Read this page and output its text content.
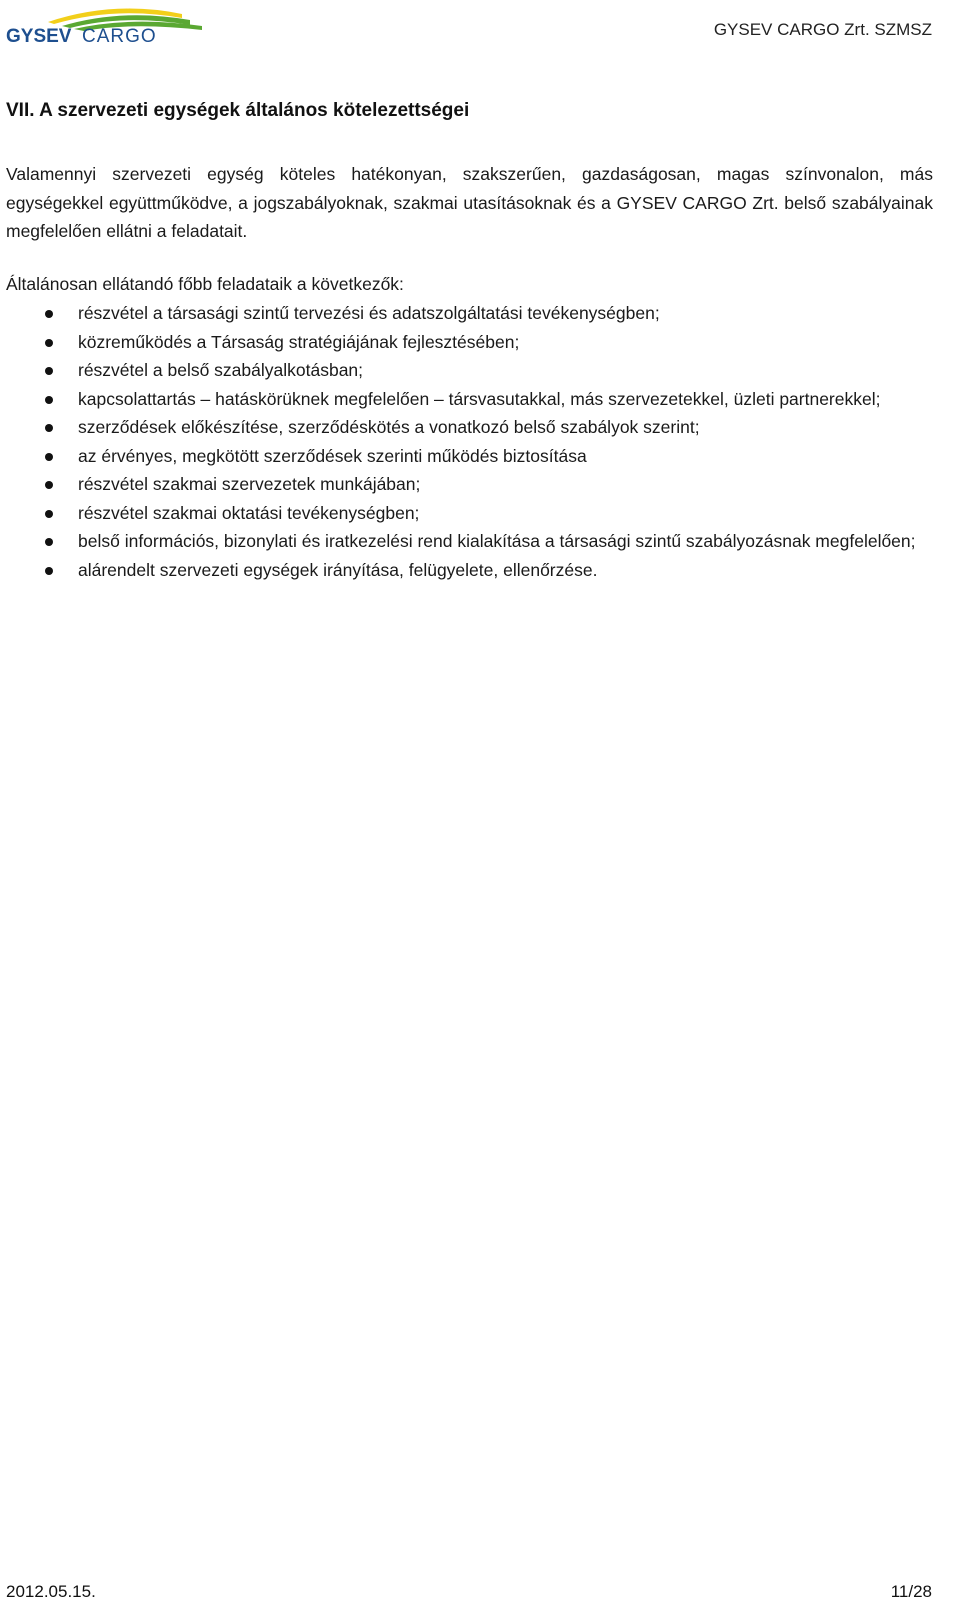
GYSEV CARGO	GYSEV CARGO Zrt. SZMSZ
VII. A szervezeti egységek általános kötelezettségei
Valamennyi szervezeti egység köteles hatékonyan, szakszerűen, gazdaságosan, magas színvonalon, más egységekkel együttműködve, a jogszabályoknak, szakmai utasításoknak és a GYSEV CARGO Zrt. belső szabályainak megfelelően ellátni a feladatait.
Általánosan ellátandó főbb feladataik a következők:
részvétel a társasági szintű tervezési és adatszolgáltatási tevékenységben;
közreműködés a Társaság stratégiájának fejlesztésében;
részvétel a belső szabályalkotásban;
kapcsolattartás – hatáskörüknek megfelelően – társvasutakkal, más szervezetekkel, üzleti partnerekkel;
szerződések előkészítése, szerződéskötés a vonatkozó belső szabályok szerint;
az érvényes, megkötött szerződések szerinti működés biztosítása
részvétel szakmai szervezetek munkájában;
részvétel szakmai oktatási tevékenységben;
belső információs, bizonylati és iratkezelési rend kialakítása a társasági szintű szabályozásnak megfelelően;
alárendelt szervezeti egységek irányítása, felügyelete, ellenőrzése.
2012.05.15.	11/28
